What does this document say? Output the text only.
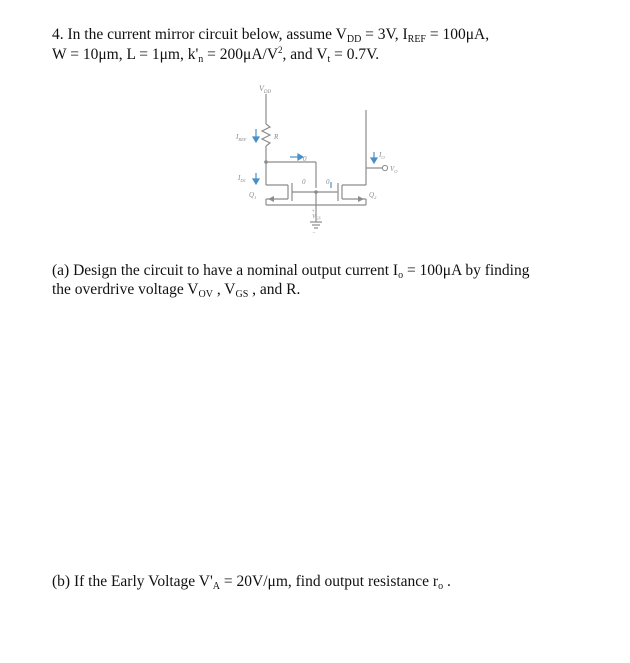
4. In the current mirror circuit below, assume $V_{DD} = 3V$, $I_{REF} = 100\mu A$,
W = 10μm, L = 1μm, $k'_n = 200\mu A/V^2$, and $V_t = 0.7V$.
$V_{DD}$
$I_{REF}$	R
$I_{D1}$
$I_O$
$V_O$
$Q_1$	$Q_2$
+
$V_{GS}$
−
0
0	0
(a) Design the circuit to have a nominal output current $I_o = 100\mu A$ by finding
the overdrive voltage $V_{OV}$ , $V_{GS}$ , and R.
(b) If the Early Voltage $V'_A = 20V/\mu m$, find output resistance $r_o$ .
